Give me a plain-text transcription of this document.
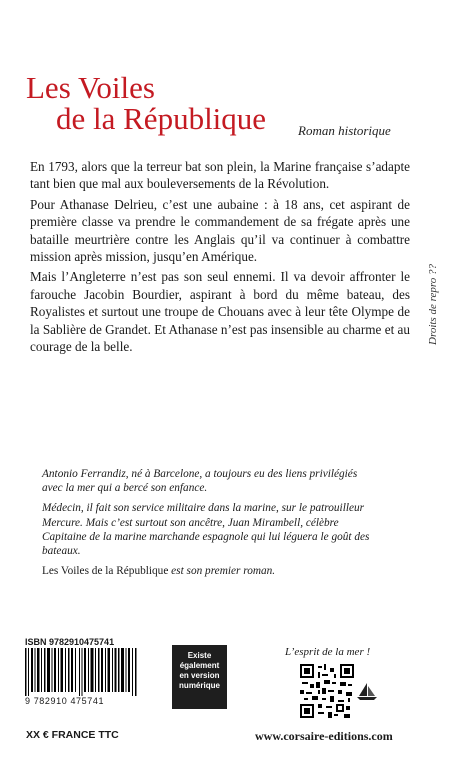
Les Voiles
de la République Roman historique

En 1793, alors que la terreur bat son plein, la Marine française s’adapte tant bien que mal aux bouleversements de la Révolution.

Pour Athanase Delrieu, c’est une aubaine : à 18 ans, cet aspirant de première classe va prendre le commandement de sa frégate après une bataille meurtrière contre les Anglais qu’il va continuer à combattre mission après mission, jusqu’en Amérique.

Mais l’Angleterre n’est pas son seul ennemi. Il va devoir affronter le farouche Jacobin Bourdier, aspirant à bord du même bateau, des Royalistes et surtout une troupe de Chouans avec à leur tête Olympe de la Sablière de Grandet. Et Athanase n’est pas insensible au charme et au courage de la belle.

Droits de repro ??

Antonio Ferrandiz, né à Barcelone, a toujours eu des liens privilégiés avec la mer qui a bercé son enfance.

Médecin, il fait son service militaire dans la marine, sur le patrouilleur Mercure. Mais c’est surtout son ancêtre, Juan Mirambell, célèbre Capitaine de la marine marchande espagnole qui lui léguera le goût des bateaux.

Les Voiles de la République est son premier roman.

ISBN 9782910475741
9 782910 475741
Existe
également
en version
numérique
L’esprit de la mer !
XX € FRANCE TTC	www.corsaire-editions.com
